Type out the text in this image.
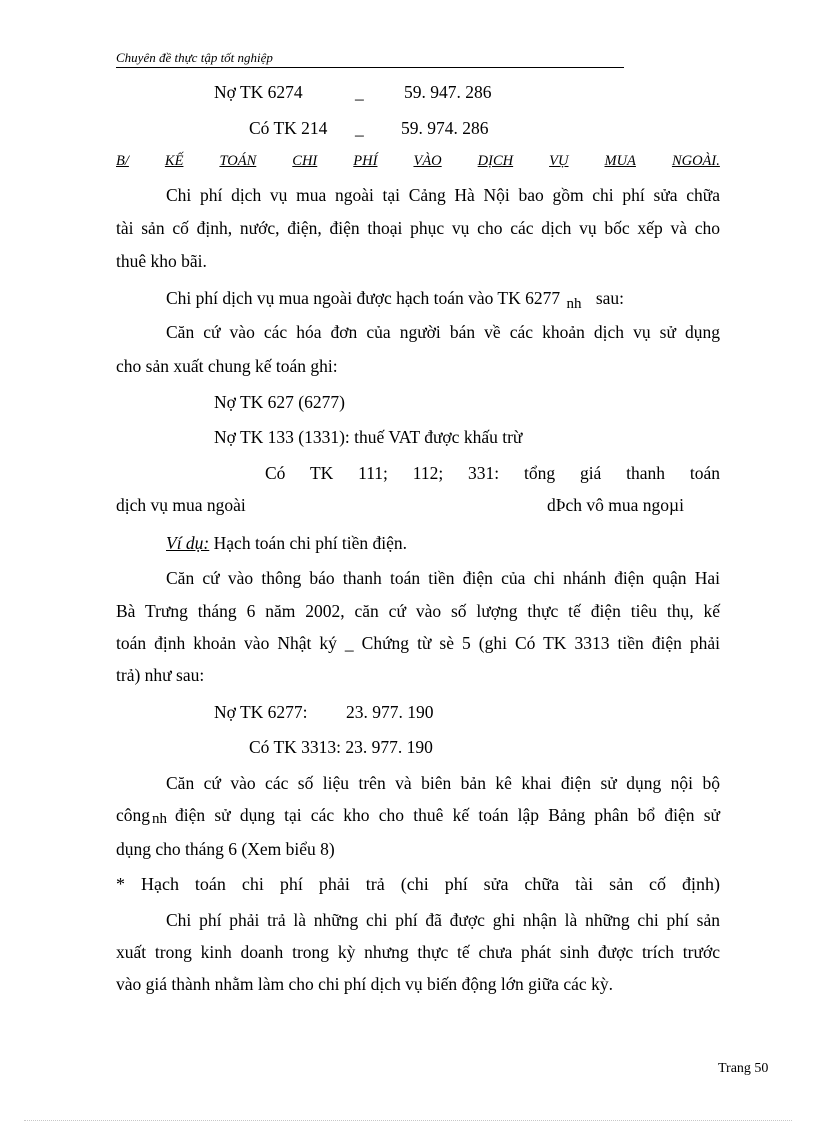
Chuyên đề thực tập tốt nghiệp
Nợ TK 6274	_ 59. 947. 286
Có TK 214 _ 59. 974. 286
B/ KẾ TOÁN CHI PHÍ VÀO DỊCH VỤ MUA NGOÀI.
Chi phí dịch vụ mua ngoài tại Cảng Hà Nội bao gồm chi phí sửa chữa
tài sản cố định, nước, điện, điện thoại phục vụ cho các dịch vụ bốc xếp và cho
thuê kho bãi.
Chi phí dịch vụ mua ngoài được hạch toán vào TK 6277 nh sau:
Căn cứ vào các hóa đơn của người bán về các khoản dịch vụ sử dụng
cho sản xuất chung kế toán ghi:
Nợ TK 627 (6277)
Nợ TK 133 (1331): thuế VAT được khấu trừ
Có TK 111; 112; 331: tổng giá thanh toán
dịch vụ mua ngoài	dÞch vô mua ngoµi
Ví dụ: Hạch toán chi phí tiền điện.
Căn cứ vào thông báo thanh toán tiền điện của chi nhánh điện quận Hai
Bà Trưng tháng 6 năm 2002, căn cứ vào số lượng thực tế điện tiêu thụ, kế
toán định khoản vào Nhật ký _ Chứng từ sè 5 (ghi Có TK 3313 tiền điện phải
trả) như sau:
Nợ TK 6277: 23. 977. 190
Có TK 3313: 23. 977. 190
Căn cứ vào các số liệu trên và biên bản kê khai điện sử dụng nội bộ
công nh điện sử dụng tại các kho cho thuê kế toán lập Bảng phân bổ điện sử
dụng cho tháng 6 (Xem biểu 8)
* Hạch toán chi phí phải trả (chi phí sửa chữa tài sản cố định)
Chi phí phải trả là những chi phí đã được ghi nhận là những chi phí sản
xuất trong kinh doanh trong kỳ nhưng thực tế chưa phát sinh được trích trước
vào giá thành nhằm làm cho chi phí dịch vụ biến động lớn giữa các kỳ.
Trang 50
